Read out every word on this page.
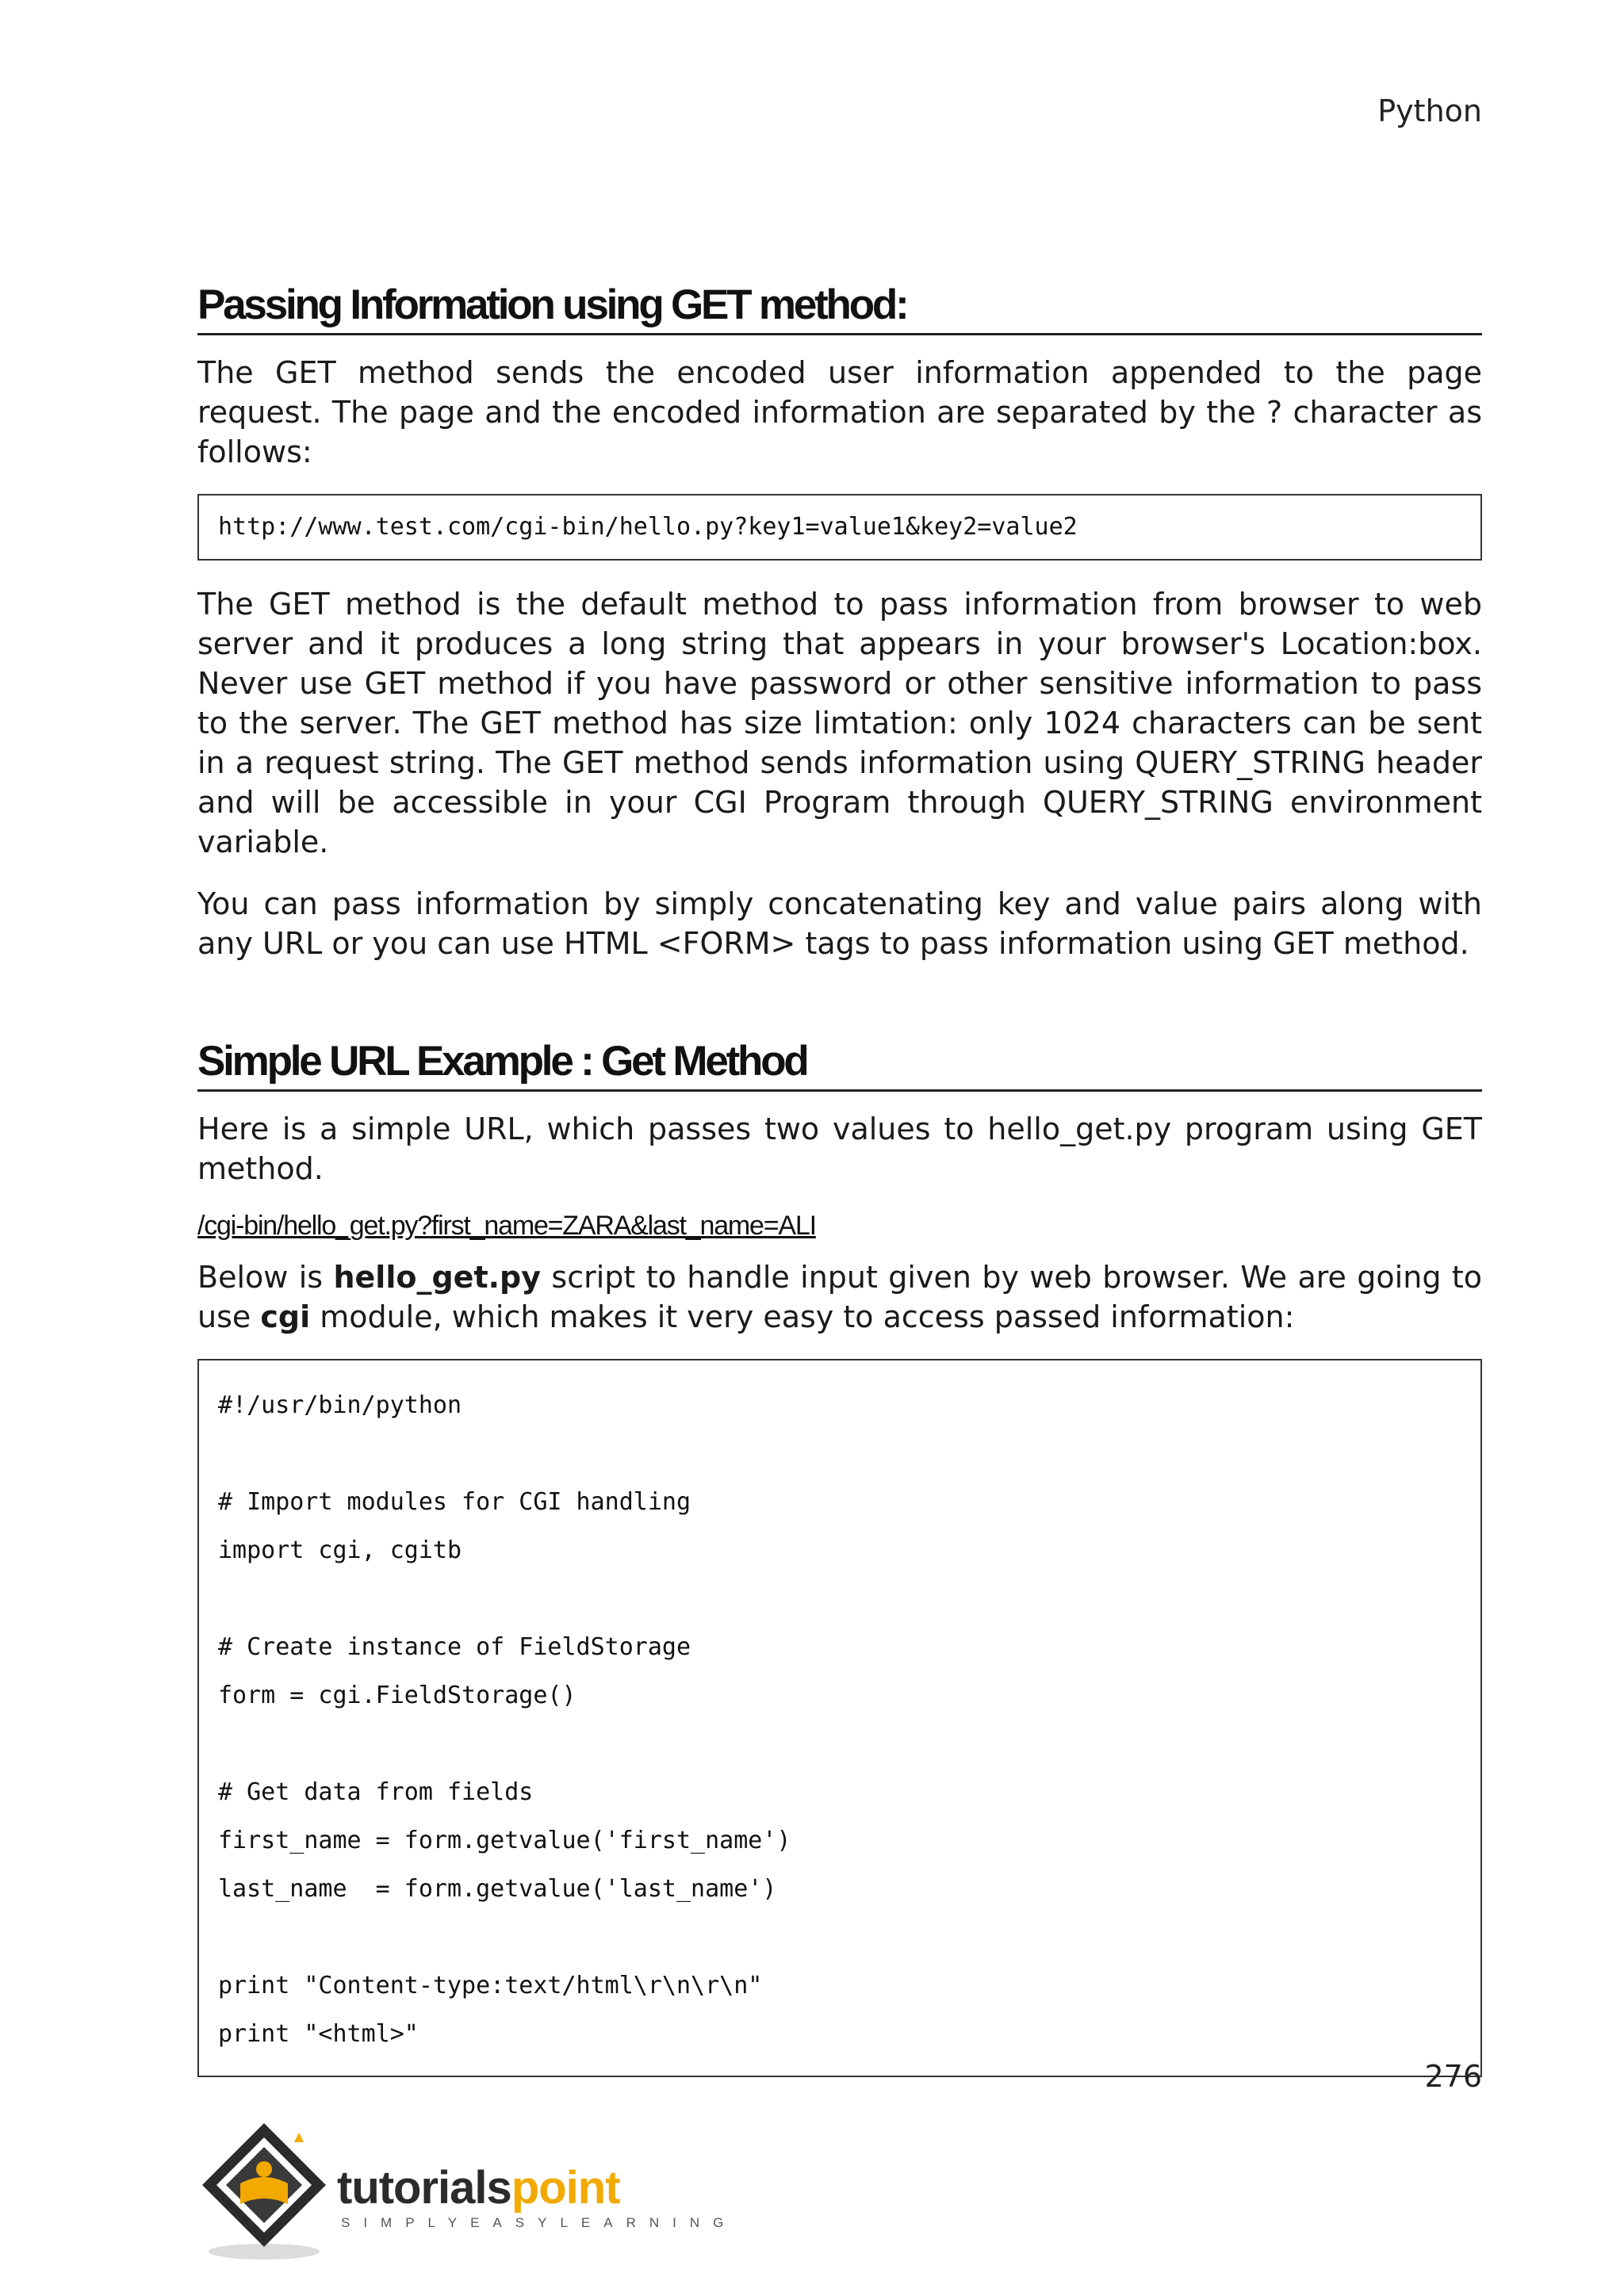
Python
Passing Information using GET method:

The GET method sends the encoded user information appended to the page request. The page and the encoded information are separated by the ? character as follows:

http://www.test.com/cgi-bin/hello.py?key1=value1&key2=value2

The GET method is the default method to pass information from browser to web server and it produces a long string that appears in your browser's Location:box. Never use GET method if you have password or other sensitive information to pass to the server. The GET method has size limtation: only 1024 characters can be sent in a request string. The GET method sends information using QUERY_STRING header and will be accessible in your CGI Program through QUERY_STRING environment variable.

You can pass information by simply concatenating key and value pairs along with any URL or you can use HTML <FORM> tags to pass information using GET method.

Simple URL Example : Get Method

Here is a simple URL, which passes two values to hello_get.py program using GET method.

/cgi-bin/hello_get.py?first_name=ZARA&last_name=ALI

Below is hello_get.py script to handle input given by web browser. We are going to use cgi module, which makes it very easy to access passed information:

#!/usr/bin/python
# Import modules for CGI handling
import cgi, cgitb
# Create instance of FieldStorage
form = cgi.FieldStorage()
# Get data from fields
first_name = form.getvalue('first_name')
last_name  = form.getvalue('last_name')
print "Content-type:text/html\r\n\r\n"
print "<html>"
276
tutorialspoint
SIMPLYEASYLEARNING
